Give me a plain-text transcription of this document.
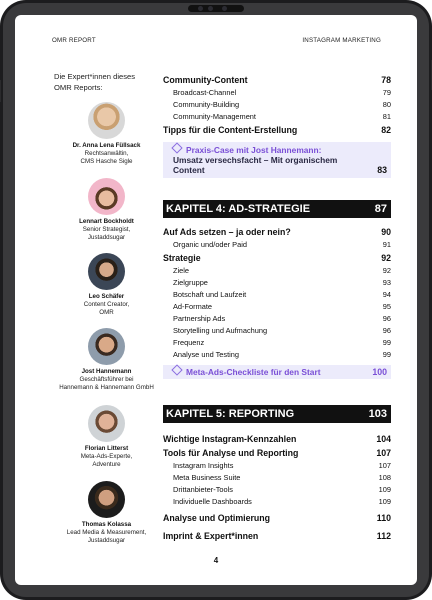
OMR REPORT	INSTAGRAM MARKETING
Die Expert*innen dieses OMR Reports:
Dr. Anna Lena Füllsack
Rechtsanwältin,
CMS Hasche Sigle
Lennart Bockholdt
Senior Strategist,
Justaddsugar
Leo Schäfer
Content Creator,
OMR
Jost Hannemann
Geschäftsführer bei
Hannemann & Hannemann GmbH
Florian Litterst
Meta-Ads-Experte,
Adventure
Thomas Kolassa
Lead Media & Measurement,
Justaddsugar
Community-Content	78
Broadcast-Channel	79
Community-Building	80
Community-Management	81
Tipps für die Content-Erstellung	82
Praxis-Case mit Jost Hannemann:
Umsatz versechsfacht – Mit organischem
Content	83
KAPITEL 4: AD-STRATEGIE	87
Auf Ads setzen – ja oder nein?	90
Organic und/oder Paid	91
Strategie	92
Ziele	92
Zielgruppe	93
Botschaft und Laufzeit	94
Ad-Formate	95
Partnership Ads	96
Storytelling und Aufmachung	96
Frequenz	99
Analyse und Testing	99
Meta-Ads-Checkliste für den Start	100
KAPITEL 5: REPORTING	103
Wichtige Instagram-Kennzahlen	104
Tools für Analyse und Reporting	107
Instagram Insights	107
Meta Business Suite	108
Drittanbieter-Tools	109
Individuelle Dashboards	109
Analyse und Optimierung	110
Imprint & Expert*innen	112
4
